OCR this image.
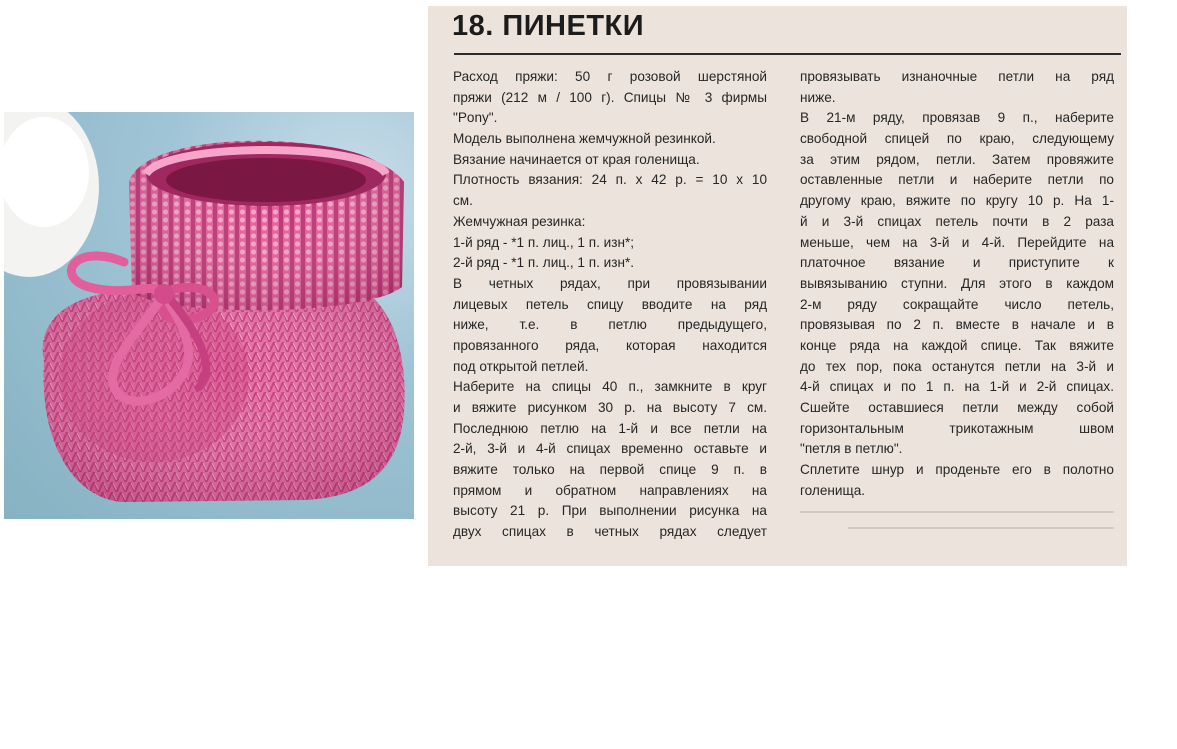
18. ПИНЕТКИ
Расход пряжи: 50 г розовой шерстяной
пряжи (212 м / 100 г). Спицы № 3 фирмы
"Pony".
Модель выполнена жемчужной резинкой.
Вязание начинается от края голенища.
Плотность вязания: 24 п. х 42 р. = 10 х 10
см.
Жемчужная резинка:
1-й ряд - *1 п. лиц., 1 п. изн*;
2-й ряд - *1 п. лиц., 1 п. изн*.
В четных рядах, при провязывании
лицевых петель спицу вводите на ряд
ниже, т.е. в петлю предыдущего,
провязанного ряда, которая находится
под открытой петлей.
Наберите на спицы 40 п., замкните в круг
и вяжите рисунком 30 р. на высоту 7 см.
Последнюю петлю на 1-й и все петли на
2-й, 3-й и 4-й спицах временно оставьте и
вяжите только на первой спице 9 п. в
прямом и обратном направлениях на
высоту 21 р. При выполнении рисунка на
двух спицах в четных рядах следует
провязывать изнаночные петли на ряд
ниже.
В 21-м ряду, провязав 9 п., наберите
свободной спицей по краю, следующему
за этим рядом, петли. Затем провяжите
оставленные петли и наберите петли по
другому краю, вяжите по кругу 10 р. На 1-
й и 3-й спицах петель почти в 2 раза
меньше, чем на 3-й и 4-й. Перейдите на
платочное вязание и приступите к
вывязыванию ступни. Для этого в каждом
2-м ряду сокращайте число петель,
провязывая по 2 п. вместе в начале и в
конце ряда на каждой спице. Так вяжите
до тех пор, пока останутся петли на 3-й и
4-й спицах и по 1 п. на 1-й и 2-й спицах.
Сшейте оставшиеся петли между собой
горизонтальным трикотажным швом
"петля в петлю".
Сплетите шнур и проденьте его в полотно
голенища.
